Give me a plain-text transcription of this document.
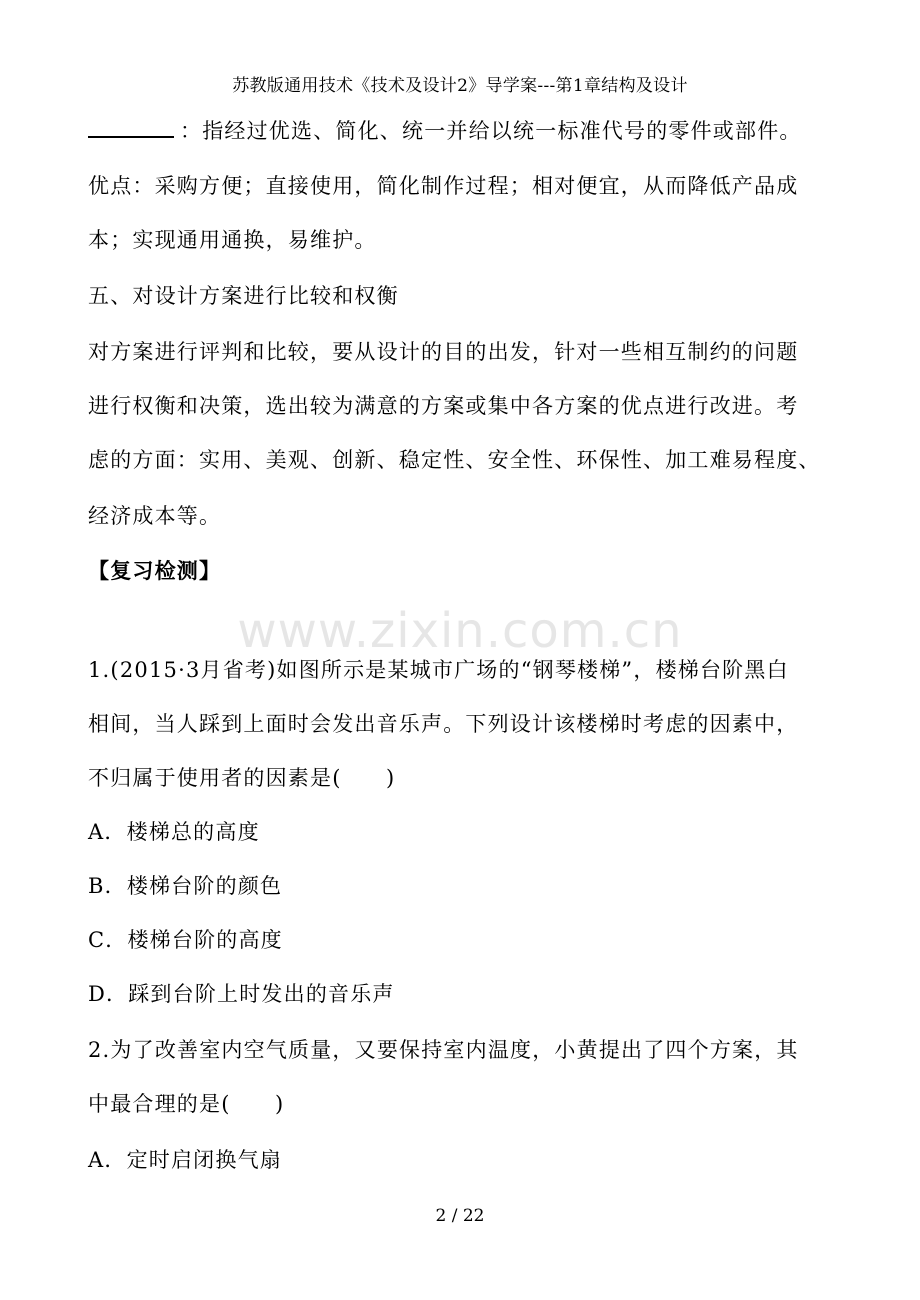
苏教版通用技术《技术及设计2》导学案---第1章结构及设计
：指经过优选、简化、统一并给以统一标准代号的零件或部件。
优点：采购方便；直接使用，简化制作过程；相对便宜，从而降低产品成
本；实现通用通换，易维护。
五、对设计方案进行比较和权衡
对方案进行评判和比较，要从设计的目的出发，针对一些相互制约的问题
进行权衡和决策，选出较为满意的方案或集中各方案的优点进行改进。考
虑的方面：实用、美观、创新、稳定性、安全性、环保性、加工难易程度、
经济成本等。
【复习检测】
www.zixin.com.cn
1.(2015·3月省考)如图所示是某城市广场的“钢琴楼梯”，楼梯台阶黑白
相间，当人踩到上面时会发出音乐声。下列设计该楼梯时考虑的因素中，
不归属于使用者的因素是(　　)
A．楼梯总的高度
B．楼梯台阶的颜色
C．楼梯台阶的高度
D．踩到台阶上时发出的音乐声
2.为了改善室内空气质量，又要保持室内温度，小黄提出了四个方案，其
中最合理的是(　　)
A．定时启闭换气扇
2 / 22
